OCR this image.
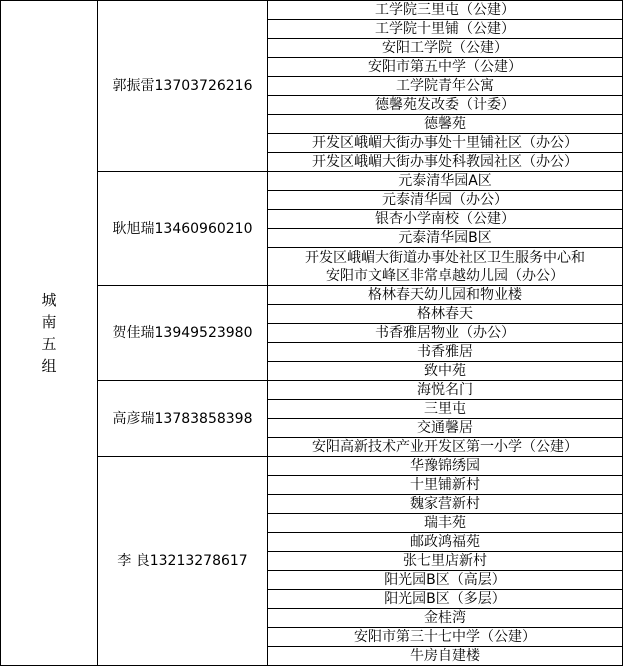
城南五组	郭振雷13703726216	工学院三里屯（公建）
		工学院十里铺（公建）
		安阳工学院（公建）
		安阳市第五中学（公建）
		工学院青年公寓
		德馨苑发改委（计委）
		德馨苑
		开发区峨嵋大街办事处十里铺社区（办公）
		开发区峨嵋大街办事处科教园社区（办公）
	耿旭瑞13460960210	元泰清华园A区
		元泰清华园（办公）
		银杏小学南校（公建）
		元泰清华园B区

		开发区峨嵋大街道办事处社区卫生服务中心和
安阳市文峰区非常卓越幼儿园（办公）

	贺佳瑞13949523980	格林春天幼儿园和物业楼
		格林春天
		书香雅居物业（办公）
		书香雅居
		致中苑
	高彦瑞13783858398	海悦名门
		三里屯
		交通馨居
		安阳高新技术产业开发区第一小学（公建）
	李 良13213278617	华豫锦绣园
		十里铺新村
		魏家营新村
		瑞丰苑
		邮政鸿福苑
		张七里店新村
		阳光园B区（高层）
		阳光园B区（多层）
		金桂湾
		安阳市第三十七中学（公建）
		牛房自建楼
